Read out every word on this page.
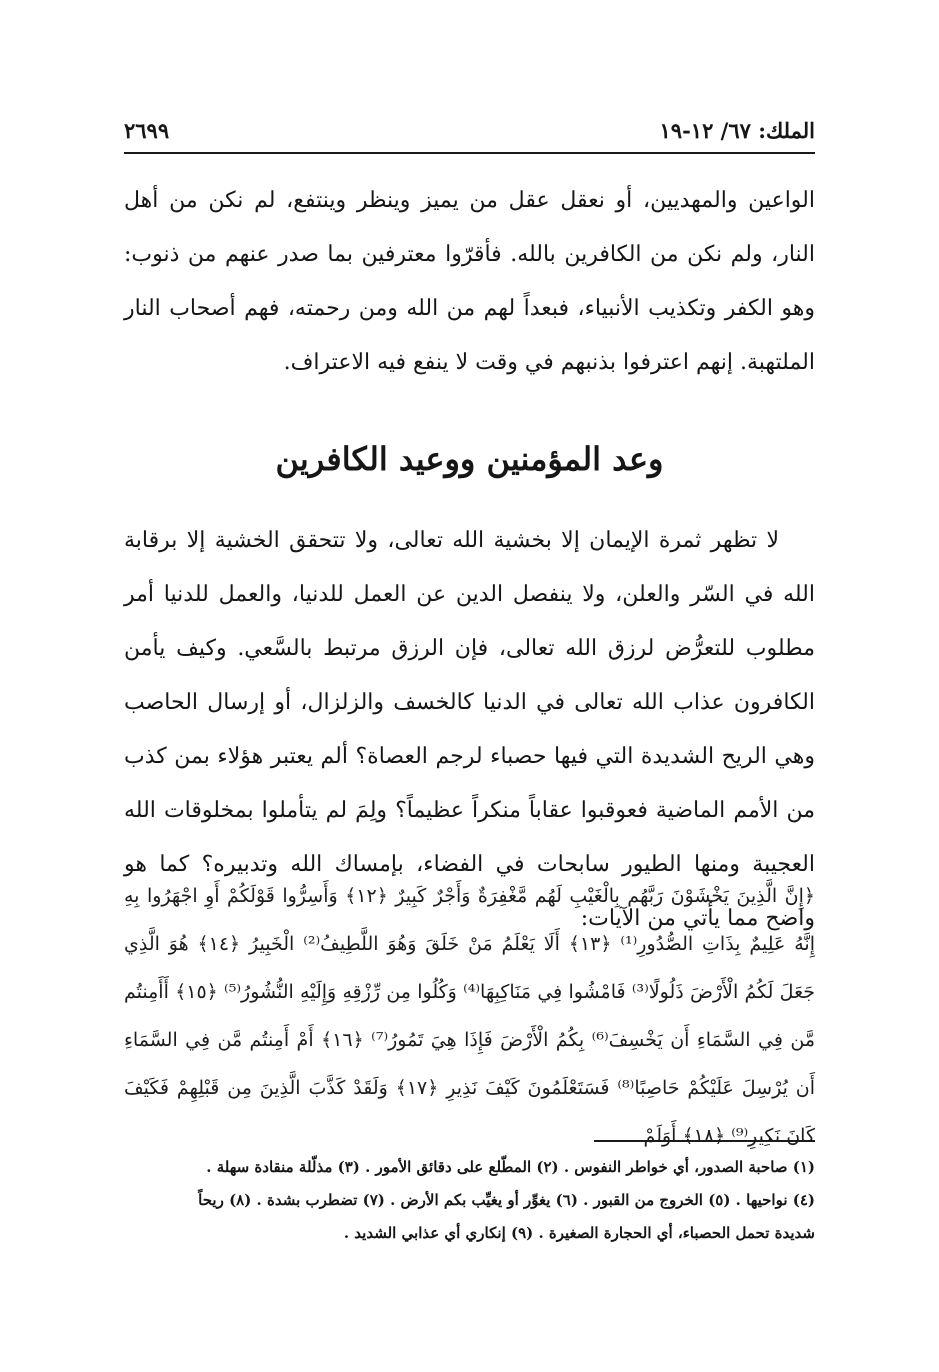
الملك: ٦٧/ ١٢-١٩
٢٦٩٩
الواعين والمهديين، أو نعقل عقل من يميز وينظر وينتفع، لم نكن من أهل النار، ولم نكن من الكافرين بالله. فأقرّوا معترفين بما صدر عنهم من ذنوب: وهو الكفر وتكذيب الأنبياء، فبعداً لهم من الله ومن رحمته، فهم أصحاب النار الملتهبة. إنهم اعترفوا بذنبهم في وقت لا ينفع فيه الاعتراف.
وعد المؤمنين ووعيد الكافرين
لا تظهر ثمرة الإيمان إلا بخشية الله تعالى، ولا تتحقق الخشية إلا برقابة الله في السّر والعلن، ولا ينفصل الدين عن العمل للدنيا، والعمل للدنيا أمر مطلوب للتعرُّض لرزق الله تعالى، فإن الرزق مرتبط بالسَّعي. وكيف يأمن الكافرون عذاب الله تعالى في الدنيا كالخسف والزلزال، أو إرسال الحاصب وهي الريح الشديدة التي فيها حصباء لرجم العصاة؟ ألم يعتبر هؤلاء بمن كذب من الأمم الماضية فعوقبوا عقاباً منكراً عظيماً؟ ولِمَ لم يتأملوا بمخلوقات الله العجيبة ومنها الطيور سابحات في الفضاء، بإمساك الله وتدبيره؟ كما هو واضح مما يأتي من الآيات:
﴿إِنَّ الَّذِينَ يَخْشَوْنَ رَبَّهُم بِالْغَيْبِ لَهُم مَّغْفِرَةٌ وَأَجْرٌ كَبِيرٌ ﴿١٢﴾ وَأَسِرُّوا قَوْلَكُمْ أَوِ اجْهَرُوا بِهِ إِنَّهُ عَلِيمٌ بِذَاتِ الصُّدُورِ⁽¹⁾ ﴿١٣﴾ أَلَا يَعْلَمُ مَنْ خَلَقَ وَهُوَ اللَّطِيفُ⁽²⁾ الْخَبِيرُ ﴿١٤﴾ هُوَ الَّذِي جَعَلَ لَكُمُ الْأَرْضَ ذَلُولًا⁽³⁾ فَامْشُوا فِي مَنَاكِبِهَا⁽⁴⁾ وَكُلُوا مِن رِّزْقِهِ وَإِلَيْهِ النُّشُورُ⁽⁵⁾ ﴿١٥﴾ أَأَمِنتُم مَّن فِي السَّمَاءِ أَن يَخْسِفَ⁽⁶⁾ بِكُمُ الْأَرْضَ فَإِذَا هِيَ تَمُورُ⁽⁷⁾ ﴿١٦﴾ أَمْ أَمِنتُم مَّن فِي السَّمَاءِ أَن يُرْسِلَ عَلَيْكُمْ حَاصِبًا⁽⁸⁾ فَسَتَعْلَمُونَ كَيْفَ نَذِيرِ ﴿١٧﴾ وَلَقَدْ كَذَّبَ الَّذِينَ مِن قَبْلِهِمْ فَكَيْفَ كَانَ نَكِيرِ⁽⁹⁾ ﴿١٨﴾ أَوَلَمْ
(١) صاحبة الصدور، أي خواطر النفوس . (٢) المطّلع على دقائق الأمور . (٣) مذلّلة منقادة سهلة .
(٤) نواحيها . (٥) الخروج من القبور . (٦) يغوِّر أو يغيِّب بكم الأرض . (٧) تضطرب بشدة . (٨) ريحاً
شديدة تحمل الحصباء، أي الحجارة الصغيرة . (٩) إنكاري أي عذابي الشديد .
